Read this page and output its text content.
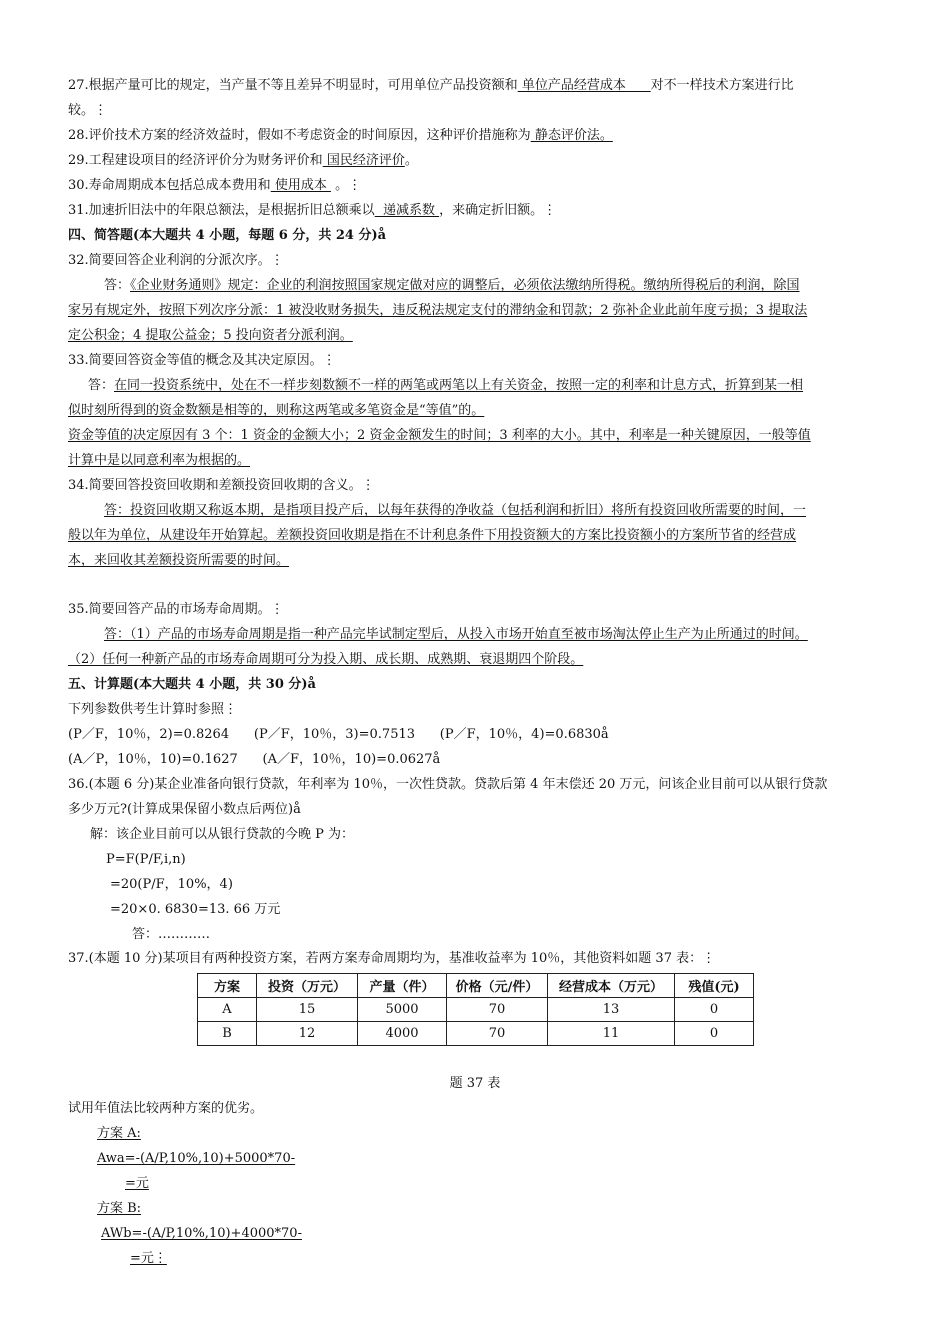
27.根据产量可比的规定，当产量不等且差异不明显时，可用单位产品投资额和 单位产品经营成本      对不一样技术方案进行比
较。⋮
28.评价技术方案的经济效益时，假如不考虑资金的时间原因，这种评价措施称为 静态评价法。
29.工程建设项目的经济评价分为财务评价和 国民经济评价。
30.寿命周期成本包括总成本费用和 使用成本  。⋮
31.加速折旧法中的年限总额法，是根据折旧总额乘以  递减系数 ，来确定折旧额。⋮
四、简答题(本大题共 4 小题，每题 6 分，共 24 分)å
32.简要回答企业利润的分派次序。⋮
答：《企业财务通则》规定：企业的利润按照国家规定做对应的调整后，必须依法缴纳所得税。缴纳所得税后的利润，除国
家另有规定外，按照下列次序分派：1 被没收财务损失，违反税法规定支付的滞纳金和罚款；2 弥补企业此前年度亏损；3 提取法
定公积金；4 提取公益金；5 投向资者分派利润。
33.简要回答资金等值的概念及其决定原因。⋮
答：在同一投资系统中，处在不一样步刻数额不一样的两笔或两笔以上有关资金，按照一定的利率和计息方式，折算到某一相
似时刻所得到的资金数额是相等的，则称这两笔或多笔资金是“等值”的。
资金等值的决定原因有 3 个：1 资金的金额大小；2 资金金额发生的时间；3 利率的大小。其中，利率是一种关键原因，一般等值
计算中是以同意利率为根据的。
34.简要回答投资回收期和差额投资回收期的含义。⋮
答：投资回收期又称返本期，是指项目投产后，以每年获得的净收益（包括利润和折旧）将所有投资回收所需要的时间，一
般以年为单位，从建设年开始算起。差额投资回收期是指在不计利息条件下用投资额大的方案比投资额小的方案所节省的经营成
本，来回收其差额投资所需要的时间。
35.简要回答产品的市场寿命周期。⋮
答：（1）产品的市场寿命周期是指一种产品完毕试制定型后，从投入市场开始直至被市场淘汰停止生产为止所通过的时间。
（2）任何一种新产品的市场寿命周期可分为投入期、成长期、成熟期、衰退期四个阶段。
五、计算题(本大题共 4 小题，共 30 分)å
下列参数供考生计算时参照⋮
(P／F，10％，2)=0.8264      (P／F，10％，3)=0.7513      (P／F，10％，4)=0.6830å
(A／P，10％，10)=0.1627      (A／F，10％，10)=0.0627å
36.(本题 6 分)某企业准备向银行贷款，年利率为 10％，一次性贷款。贷款后第 4 年末偿还 20 万元，问该企业目前可以从银行贷款
多少万元?(计算成果保留小数点后两位)å
解：该企业目前可以从银行贷款的今晚 P 为：
P=F(P/F,i,n)
=20(P/F，10%，4)
=20×0. 6830=13. 66 万元
答：…………
37.(本题 10 分)某项目有两种投资方案，若两方案寿命周期均为，基准收益率为 10％，其他资料如题 37 表：⋮
方案	投资（万元）	产量（件）	价格（元/件）	经营成本（万元）	残值(元)
A	15	5000	70	13	0
B	12	4000	70	11	0
题 37 表
试用年值法比较两种方案的优劣。
方案 A:
Awa=-(A/P,10%,10)+5000*70-
=元
方案 B:
AWb=-(A/P,10%,10)+4000*70-
=元⋮
